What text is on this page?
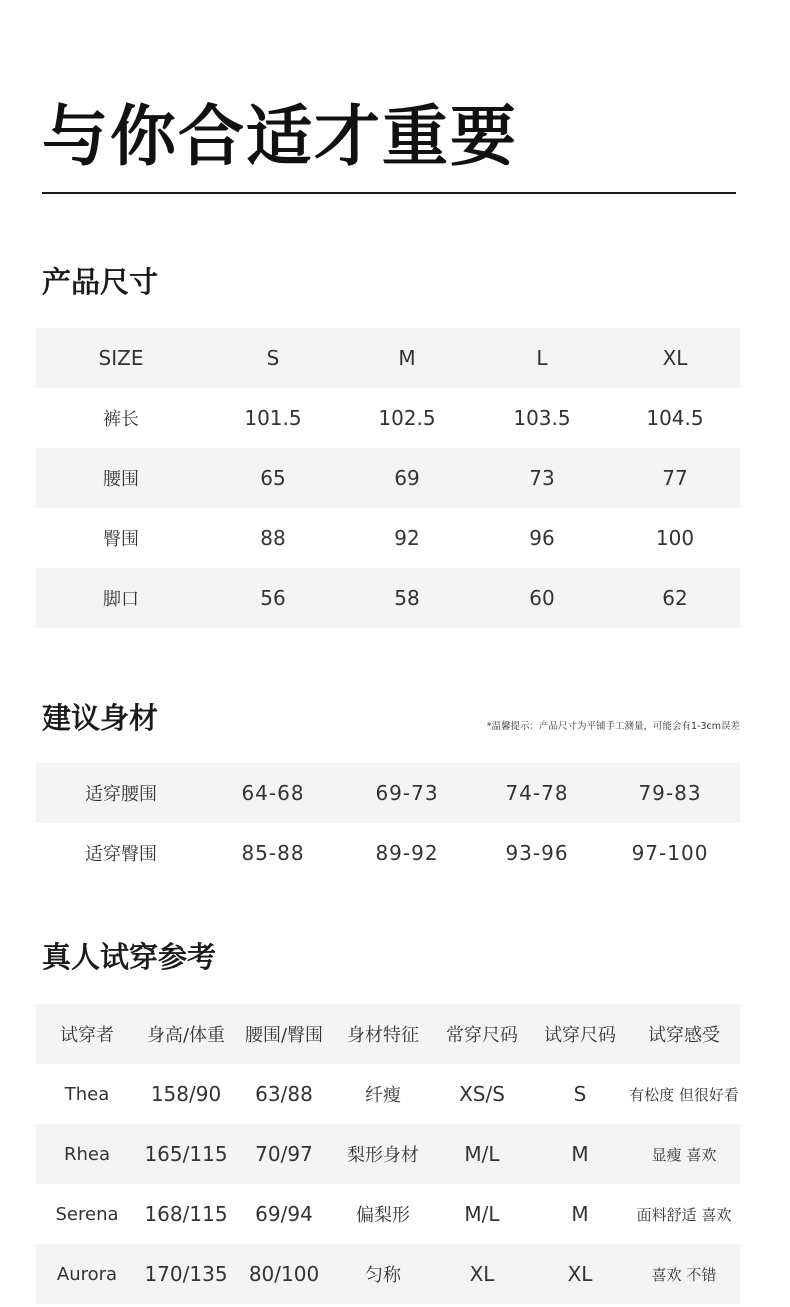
与你合适才重要
产品尺寸
SIZE	S	M	L	XL
裤长	101.5	102.5	103.5	104.5
腰围	65	69	73	77
臀围	88	92	96	100
脚口	56	58	60	62
建议身材	*温馨提示：产品尺寸为平铺手工测量，可能会有1-3cm误差
适穿腰围	64-68	69-73	74-78	79-83
适穿臀围	85-88	89-92	93-96	97-100
真人试穿参考
试穿者	身高/体重	腰围/臀围	身材特征	常穿尺码	试穿尺码	试穿感受
Thea	158/90	63/88	纤瘦	XS/S	S	有松度 但很好看
Rhea	165/115	70/97	梨形身材	M/L	M	显瘦 喜欢
Serena	168/115	69/94	偏梨形	M/L	M	面料舒适 喜欢
Aurora	170/135	80/100	匀称	XL	XL	喜欢 不错
